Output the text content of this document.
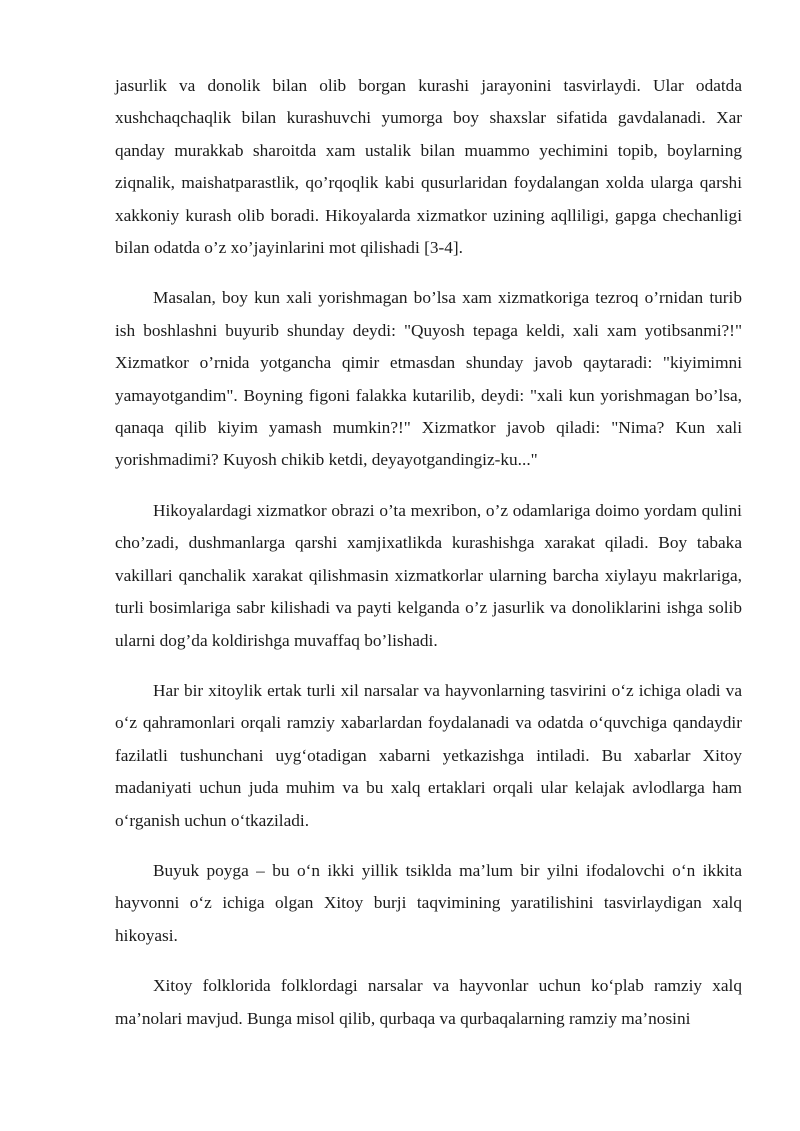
jasurlik va donolik bilan olib borgan kurashi jarayonini tasvirlaydi. Ular odatda xushchaqchaqlik bilan kurashuvchi yumorga boy shaxslar sifatida gavdalanadi. Xar qanday murakkab sharoitda xam ustalik bilan muammo yechimini topib, boylarning ziqnalik, maishatparastlik, qo’rqoqlik kabi qusurlaridan foydalangan xolda ularga qarshi xakkoniy kurash olib boradi. Hikoyalarda xizmatkor uzining aqlliligi, gapga chechanligi bilan odatda o’z xo’jayinlarini mot qilishadi [3-4].

Masalan, boy kun xali yorishmagan bo’lsa xam xizmatkoriga tezroq o’rnidan turib ish boshlashni buyurib shunday deydi: "Quyosh tepaga keldi, xali xam yotibsanmi?!" Xizmatkor o’rnida yotgancha qimir etmasdan shunday javob qaytaradi: "kiyimimni yamayotgandim". Boyning figoni falakka kutarilib, deydi: "xali kun yorishmagan bo’lsa, qanaqa qilib kiyim yamash mumkin?!" Xizmatkor javob qiladi: "Nima? Kun xali yorishmadimi? Kuyosh chikib ketdi, deyayotgandingiz-ku..."

Hikoyalardagi xizmatkor obrazi o’ta mexribon, o’z odamlariga doimo yordam qulini cho’zadi, dushmanlarga qarshi xamjixatlikda kurashishga xarakat qiladi. Boy tabaka vakillari qanchalik xarakat qilishmasin xizmatkorlar ularning barcha xiylayu makrlariga, turli bosimlariga sabr kilishadi va payti kelganda o’z jasurlik va donoliklarini ishga solib ularni dog’da koldirishga muvaffaq bo’lishadi.

Har bir xitoylik ertak turli xil narsalar va hayvonlarning tasvirini o‘z ichiga oladi va o‘z qahramonlari orqali ramziy xabarlardan foydalanadi va odatda o‘quvchiga qandaydir fazilatli tushunchani uyg‘otadigan xabarni yetkazishga intiladi. Bu xabarlar Xitoy madaniyati uchun juda muhim va bu xalq ertaklari orqali ular kelajak avlodlarga ham o‘rganish uchun o‘tkaziladi.

Buyuk poyga – bu o‘n ikki yillik tsiklda ma’lum bir yilni ifodalovchi o‘n ikkita hayvonni o‘z ichiga olgan Xitoy burji taqvimining yaratilishini tasvirlaydigan xalq hikoyasi.

Xitoy folklorida folklordagi narsalar va hayvonlar uchun ko‘plab ramziy xalq ma’nolari mavjud. Bunga misol qilib, qurbaqa va qurbaqalarning ramziy ma’nosini
